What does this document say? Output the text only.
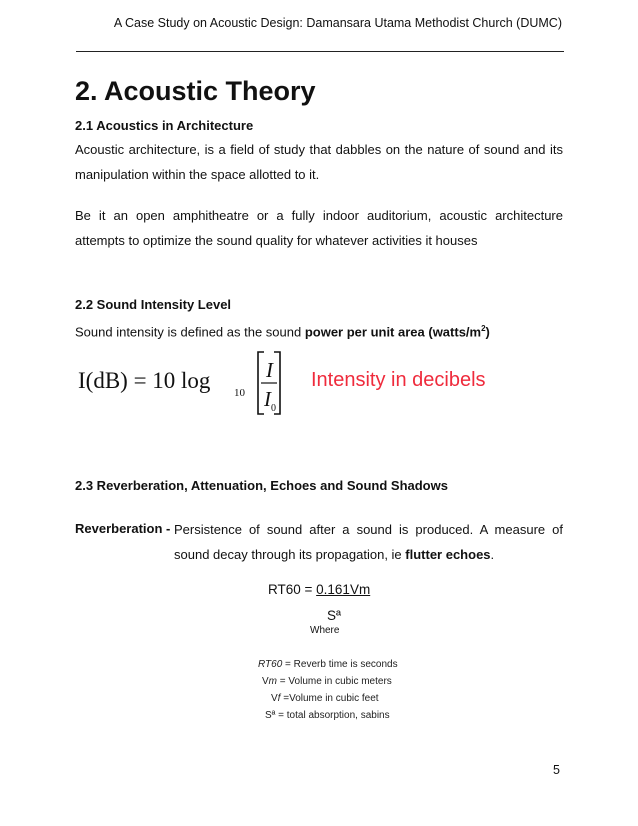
A Case Study on Acoustic Design: Damansara Utama Methodist Church (DUMC)
2. Acoustic Theory
2.1 Acoustics in Architecture

Acoustic architecture, is a field of study that dabbles on the nature of sound and its manipulation within the space allotted to it.

Be it an open amphitheatre or a fully indoor auditorium, acoustic architecture attempts to optimize the sound quality for whatever activities it houses

2.2 Sound Intensity Level

Sound intensity is defined as the sound power per unit area $(watts/m^2)$

I(dB) = 10 log 10
I
I 0
Intensity in decibels
2.3 Reverberation, Attenuation, Echoes and Sound Shadows
Reverberation - Persistence of sound after a sound is produced. A measure of sound decay through its propagation, ie flutter echoes.

RT60 = 0.161Vm
Sª
Where
RT60 = Reverb time is seconds
Vm = Volume in cubic meters
Vf =Volume in cubic feet
Sª = total absorption, sabins
5
